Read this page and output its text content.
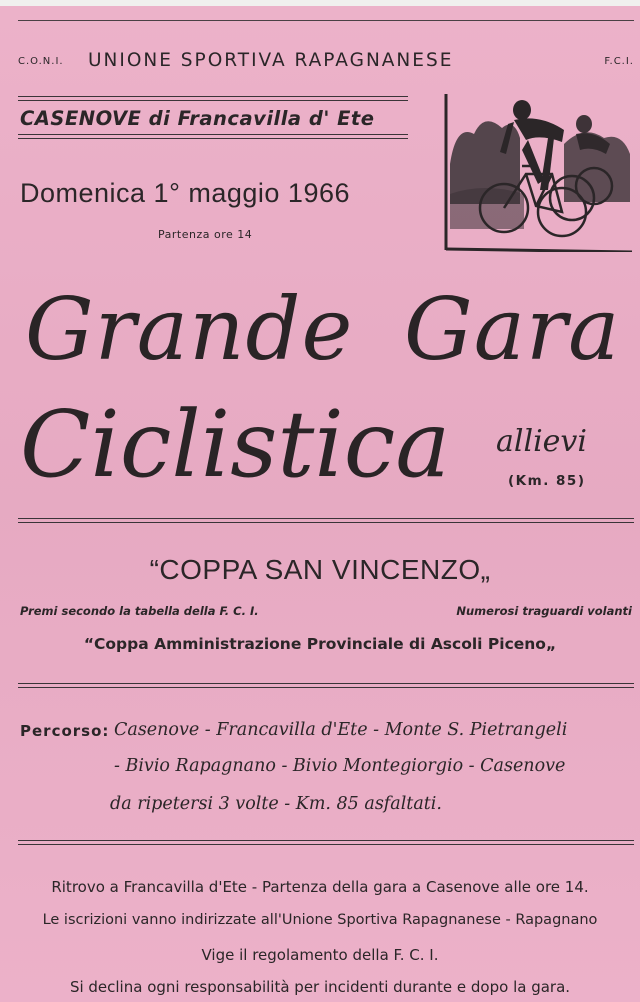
C.O.N.I. UNIONE SPORTIVA RAPAGNANESE	F.C.I.
CASENOVE di Francavilla d' Ete
Domenica 1° maggio 1966
Partenza ore 14
Grande Gara
Ciclistica allievi
(Km. 85)
“COPPA SAN VINCENZO„
Premi secondo la tabella della F. C. I.	Numerosi traguardi volanti
“Coppa Amministrazione Provinciale di Ascoli Piceno„
Percorso: Casenove - Francavilla d'Ete - Monte S. Pietrangeli
- Bivio Rapagnano - Bivio Montegiorgio - Casenove
da ripetersi 3 volte - Km. 85 asfaltati.
Ritrovo a Francavilla d'Ete - Partenza della gara a Casenove alle ore 14.
Le iscrizioni vanno indirizzate all'Unione Sportiva Rapagnanese - Rapagnano
Vige il regolamento della F. C. I.
Si declina ogni responsabilità per incidenti durante e dopo la gara.
